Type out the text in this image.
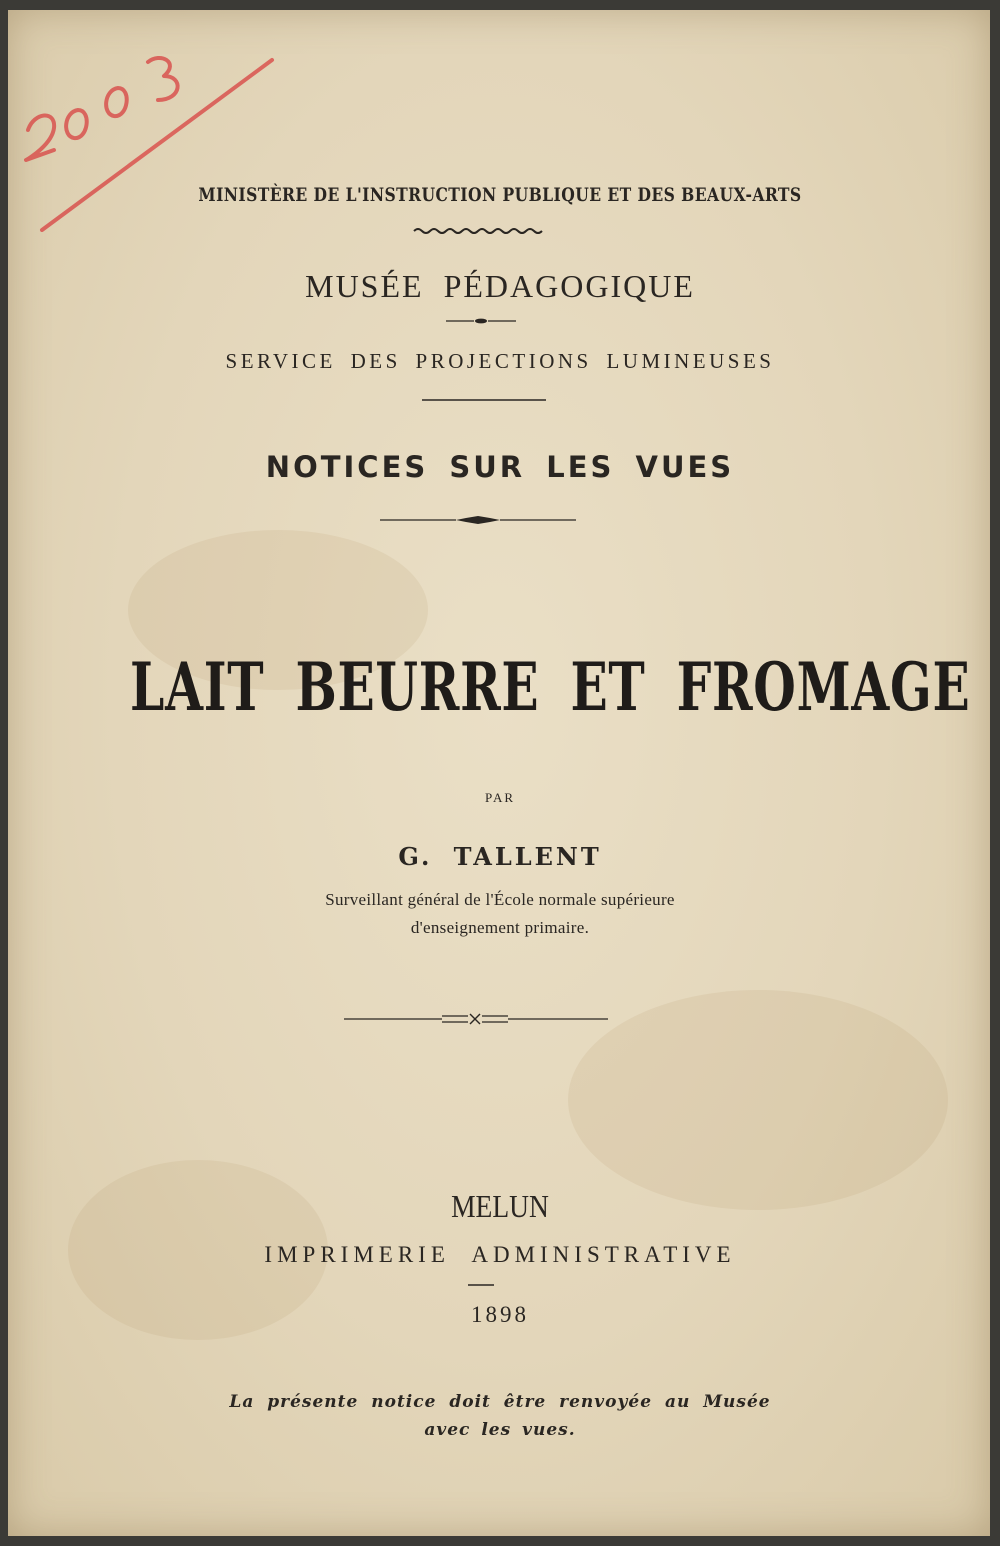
MINISTÈRE DE L'INSTRUCTION PUBLIQUE ET DES BEAUX-ARTS
MUSÉE PÉDAGOGIQUE
SERVICE DES PROJECTIONS LUMINEUSES
NOTICES SUR LES VUES
LAIT BEURRE ET FROMAGE
PAR
G. TALLENT
Surveillant général de l'École normale supérieure
d'enseignement primaire.
MELUN
IMPRIMERIE ADMINISTRATIVE
1898
La présente notice doit être renvoyée au Musée
avec les vues.
